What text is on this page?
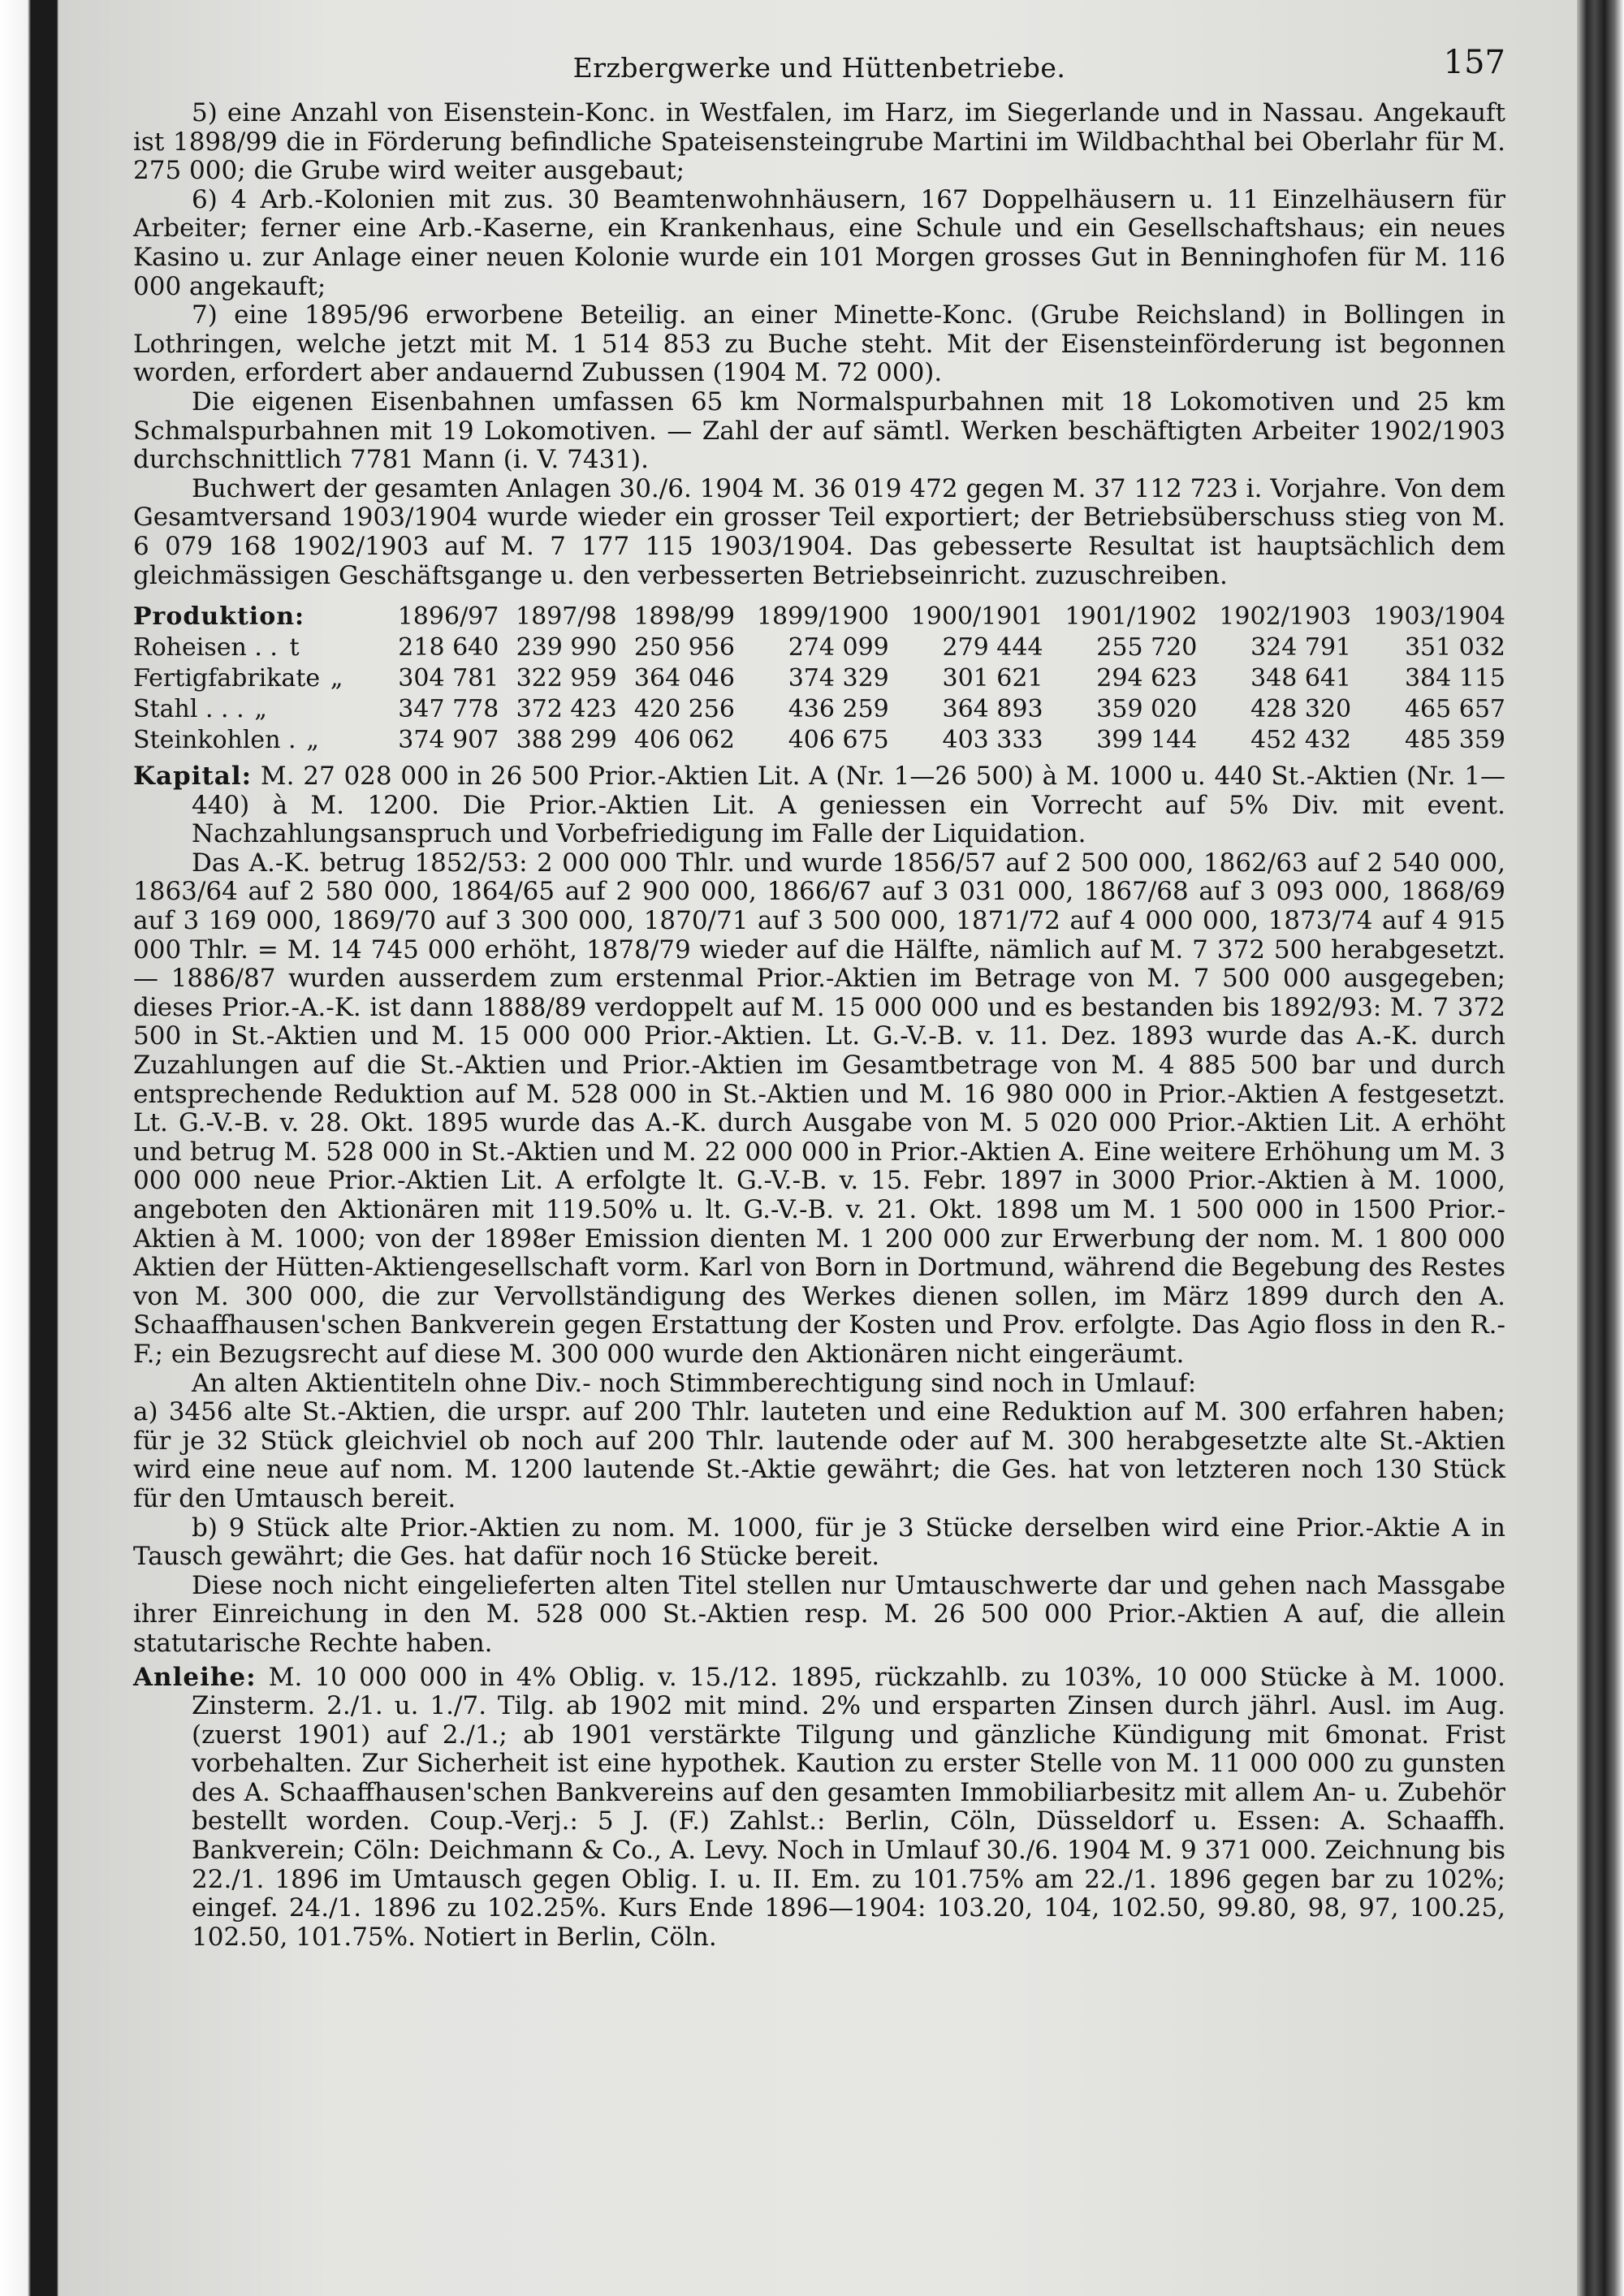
Erzbergwerke und Hüttenbetriebe.	157

5) eine Anzahl von Eisenstein-Konc. in Westfalen, im Harz, im Siegerlande und in Nassau. Angekauft ist 1898/99 die in Förderung befindliche Spateisensteingrube Martini im Wildbachthal bei Oberlahr für M. 275 000; die Grube wird weiter ausgebaut;

6) 4 Arb.-Kolonien mit zus. 30 Beamtenwohnhäusern, 167 Doppelhäusern u. 11 Einzelhäusern für Arbeiter; ferner eine Arb.-Kaserne, ein Krankenhaus, eine Schule und ein Gesellschaftshaus; ein neues Kasino u. zur Anlage einer neuen Kolonie wurde ein 101 Morgen grosses Gut in Benninghofen für M. 116 000 angekauft;

7) eine 1895/96 erworbene Beteilig. an einer Minette-Konc. (Grube Reichsland) in Bollingen in Lothringen, welche jetzt mit M. 1 514 853 zu Buche steht. Mit der Eisensteinförderung ist begonnen worden, erfordert aber andauernd Zubussen (1904 M. 72 000).

Die eigenen Eisenbahnen umfassen 65 km Normalspurbahnen mit 18 Lokomotiven und 25 km Schmalspurbahnen mit 19 Lokomotiven. — Zahl der auf sämtl. Werken beschäftigten Arbeiter 1902/1903 durchschnittlich 7781 Mann (i. V. 7431).

Buchwert der gesamten Anlagen 30./6. 1904 M. 36 019 472 gegen M. 37 112 723 i. Vorjahre. Von dem Gesamtversand 1903/1904 wurde wieder ein grosser Teil exportiert; der Betriebsüberschuss stieg von M. 6 079 168 1902/1903 auf M. 7 177 115 1903/1904. Das gebesserte Resultat ist hauptsächlich dem gleichmässigen Geschäftsgange u. den verbesserten Betriebseinricht. zuzuschreiben.

Produktion:	1896/97	1897/98	1898/99	1899/1900	1900/1901	1901/1902	1902/1903	1903/1904
Roheisen . . t	218 640	239 990	250 956	274 099	279 444	255 720	324 791	351 032
Fertigfabrikate „	304 781	322 959	364 046	374 329	301 621	294 623	348 641	384 115
Stahl . . . „	347 778	372 423	420 256	436 259	364 893	359 020	428 320	465 657
Steinkohlen . „	374 907	388 299	406 062	406 675	403 333	399 144	452 432	485 359

Kapital: M. 27 028 000 in 26 500 Prior.-Aktien Lit. A (Nr. 1—26 500) à M. 1000 u. 440 St.-Aktien (Nr. 1—440) à M. 1200. Die Prior.-Aktien Lit. A geniessen ein Vorrecht auf 5% Div. mit event. Nachzahlungsanspruch und Vorbefriedigung im Falle der Liquidation.

Das A.-K. betrug 1852/53: 2 000 000 Thlr. und wurde 1856/57 auf 2 500 000, 1862/63 auf 2 540 000, 1863/64 auf 2 580 000, 1864/65 auf 2 900 000, 1866/67 auf 3 031 000, 1867/68 auf 3 093 000, 1868/69 auf 3 169 000, 1869/70 auf 3 300 000, 1870/71 auf 3 500 000, 1871/72 auf 4 000 000, 1873/74 auf 4 915 000 Thlr. = M. 14 745 000 erhöht, 1878/79 wieder auf die Hälfte, nämlich auf M. 7 372 500 herabgesetzt. — 1886/87 wurden ausserdem zum erstenmal Prior.-Aktien im Betrage von M. 7 500 000 ausgegeben; dieses Prior.-A.-K. ist dann 1888/89 verdoppelt auf M. 15 000 000 und es bestanden bis 1892/93: M. 7 372 500 in St.-Aktien und M. 15 000 000 Prior.-Aktien. Lt. G.-V.-B. v. 11. Dez. 1893 wurde das A.-K. durch Zuzahlungen auf die St.-Aktien und Prior.-Aktien im Gesamtbetrage von M. 4 885 500 bar und durch entsprechende Reduktion auf M. 528 000 in St.-Aktien und M. 16 980 000 in Prior.-Aktien A festgesetzt. Lt. G.-V.-B. v. 28. Okt. 1895 wurde das A.-K. durch Ausgabe von M. 5 020 000 Prior.-Aktien Lit. A erhöht und betrug M. 528 000 in St.-Aktien und M. 22 000 000 in Prior.-Aktien A. Eine weitere Erhöhung um M. 3 000 000 neue Prior.-Aktien Lit. A erfolgte lt. G.-V.-B. v. 15. Febr. 1897 in 3000 Prior.-Aktien à M. 1000, angeboten den Aktionären mit 119.50% u. lt. G.-V.-B. v. 21. Okt. 1898 um M. 1 500 000 in 1500 Prior.-Aktien à M. 1000; von der 1898er Emission dienten M. 1 200 000 zur Erwerbung der nom. M. 1 800 000 Aktien der Hütten-Aktiengesellschaft vorm. Karl von Born in Dortmund, während die Begebung des Restes von M. 300 000, die zur Vervollständigung des Werkes dienen sollen, im März 1899 durch den A. Schaaffhausen'schen Bankverein gegen Erstattung der Kosten und Prov. erfolgte. Das Agio floss in den R.-F.; ein Bezugsrecht auf diese M. 300 000 wurde den Aktionären nicht eingeräumt.

An alten Aktientiteln ohne Div.- noch Stimmberechtigung sind noch in Umlauf:

a) 3456 alte St.-Aktien, die urspr. auf 200 Thlr. lauteten und eine Reduktion auf M. 300 erfahren haben; für je 32 Stück gleichviel ob noch auf 200 Thlr. lautende oder auf M. 300 herabgesetzte alte St.-Aktien wird eine neue auf nom. M. 1200 lautende St.-Aktie gewährt; die Ges. hat von letzteren noch 130 Stück für den Umtausch bereit.

b) 9 Stück alte Prior.-Aktien zu nom. M. 1000, für je 3 Stücke derselben wird eine Prior.-Aktie A in Tausch gewährt; die Ges. hat dafür noch 16 Stücke bereit.

Diese noch nicht eingelieferten alten Titel stellen nur Umtauschwerte dar und gehen nach Massgabe ihrer Einreichung in den M. 528 000 St.-Aktien resp. M. 26 500 000 Prior.-Aktien A auf, die allein statutarische Rechte haben.

Anleihe: M. 10 000 000 in 4% Oblig. v. 15./12. 1895, rückzahlb. zu 103%, 10 000 Stücke à M. 1000. Zinsterm. 2./1. u. 1./7. Tilg. ab 1902 mit mind. 2% und ersparten Zinsen durch jährl. Ausl. im Aug. (zuerst 1901) auf 2./1.; ab 1901 verstärkte Tilgung und gänzliche Kündigung mit 6monat. Frist vorbehalten. Zur Sicherheit ist eine hypothek. Kaution zu erster Stelle von M. 11 000 000 zu gunsten des A. Schaaffhausen'schen Bankvereins auf den gesamten Immobiliarbesitz mit allem An- u. Zubehör bestellt worden. Coup.-Verj.: 5 J. (F.) Zahlst.: Berlin, Cöln, Düsseldorf u. Essen: A. Schaaffh. Bankverein; Cöln: Deichmann & Co., A. Levy. Noch in Umlauf 30./6. 1904 M. 9 371 000. Zeichnung bis 22./1. 1896 im Umtausch gegen Oblig. I. u. II. Em. zu 101.75% am 22./1. 1896 gegen bar zu 102%; eingef. 24./1. 1896 zu 102.25%. Kurs Ende 1896—1904: 103.20, 104, 102.50, 99.80, 98, 97, 100.25, 102.50, 101.75%. Notiert in Berlin, Cöln.
